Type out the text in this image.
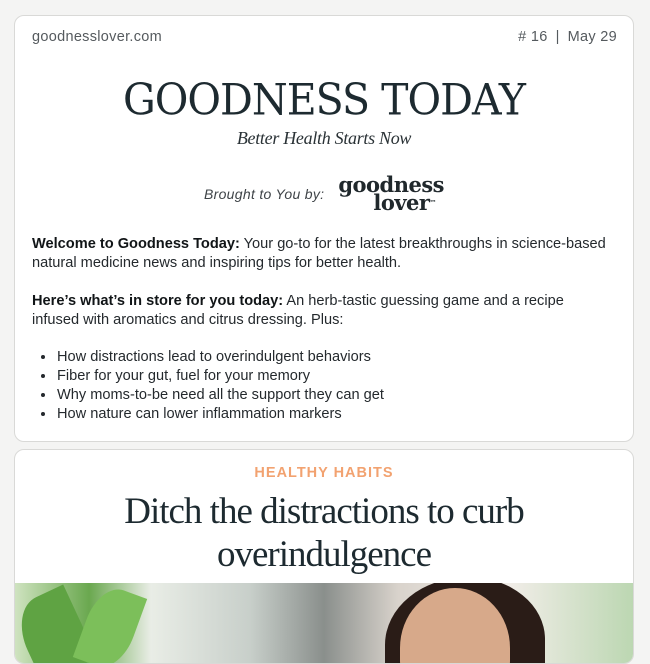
goodnesslover.com	# 16 | May 29
GOODNESS TODAY
Better Health Starts Now
Brought to You by: goodness
lover™

Welcome to Goodness Today: Your go-to for the latest breakthroughs in science-based natural medicine news and inspiring tips for better health.

Here’s what’s in store for you today: An herb-tastic guessing game and a recipe infused with aromatics and citrus dressing. Plus:

• How distractions lead to overindulgent behaviors
• Fiber for your gut, fuel for your memory
• Why moms-to-be need all the support they can get
• How nature can lower inflammation markers
HEALTHY HABITS
Ditch the distractions to curb overindulgence
